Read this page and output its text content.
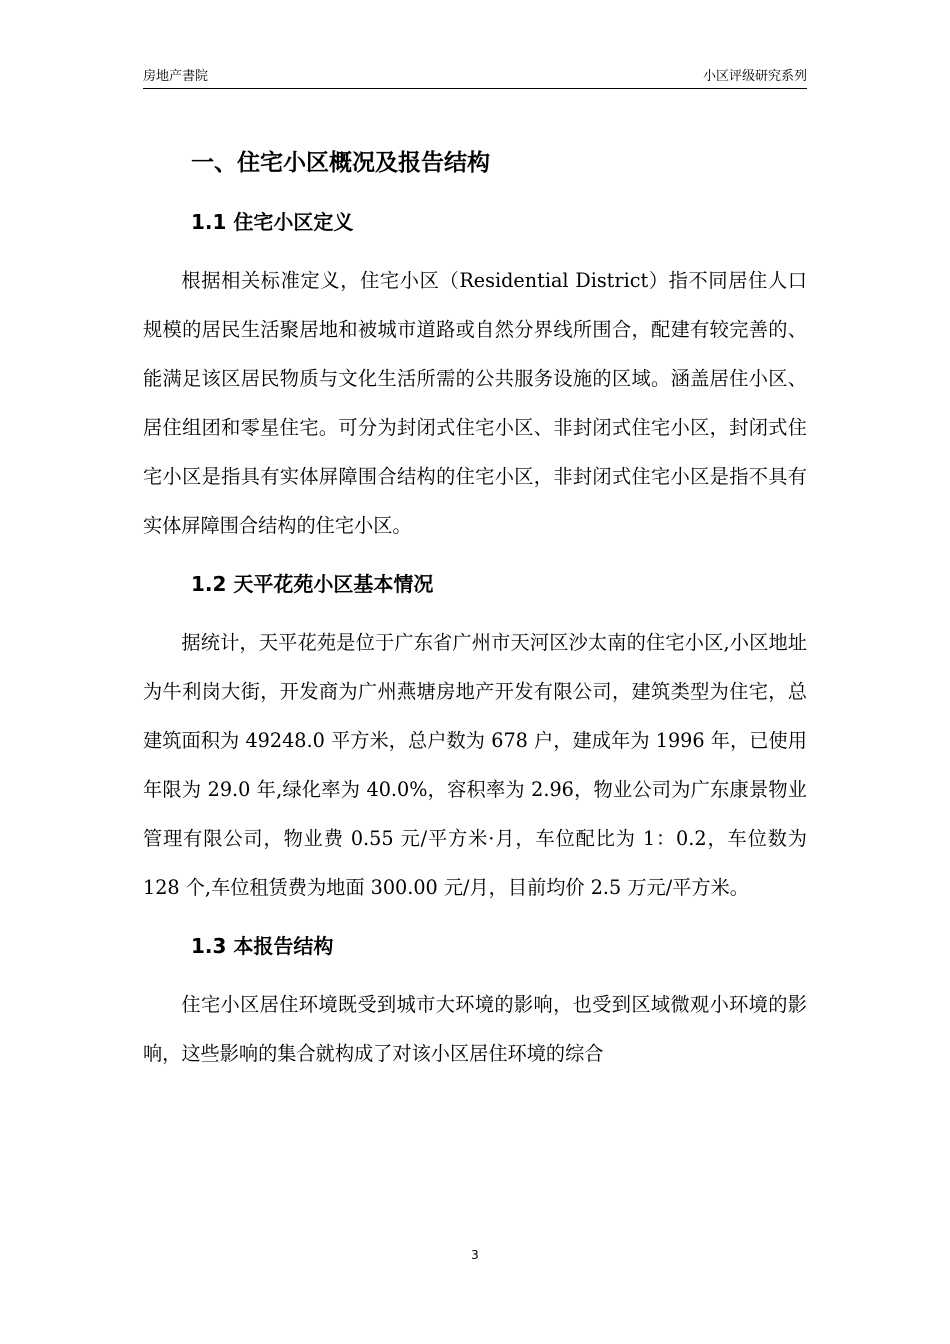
房地产書院	小区评级研究系列
一、住宅小区概况及报告结构
1.1 住宅小区定义

根据相关标准定义，住宅小区（Residential District）指不同居住人口规模的居民生活聚居地和被城市道路或自然分界线所围合，配建有较完善的、能满足该区居民物质与文化生活所需的公共服务设施的区域。涵盖居住小区、居住组团和零星住宅。可分为封闭式住宅小区、非封闭式住宅小区，封闭式住宅小区是指具有实体屏障围合结构的住宅小区，非封闭式住宅小区是指不具有实体屏障围合结构的住宅小区。

1.2 天平花苑小区基本情况

据统计，天平花苑是位于广东省广州市天河区沙太南的住宅小区,小区地址为牛利岗大街，开发商为广州燕塘房地产开发有限公司，建筑类型为住宅，总建筑面积为 49248.0 平方米，总户数为 678 户，建成年为 1996 年，已使用年限为 29.0 年,绿化率为 40.0%，容积率为 2.96，物业公司为广东康景物业管理有限公司，物业费 0.55 元/平方米·月，车位配比为 1：0.2，车位数为 128 个,车位租赁费为地面 300.00 元/月，目前均价 2.5 万元/平方米。

1.3 本报告结构

住宅小区居住环境既受到城市大环境的影响，也受到区域微观小环境的影响，这些影响的集合就构成了对该小区居住环境的综合

3
